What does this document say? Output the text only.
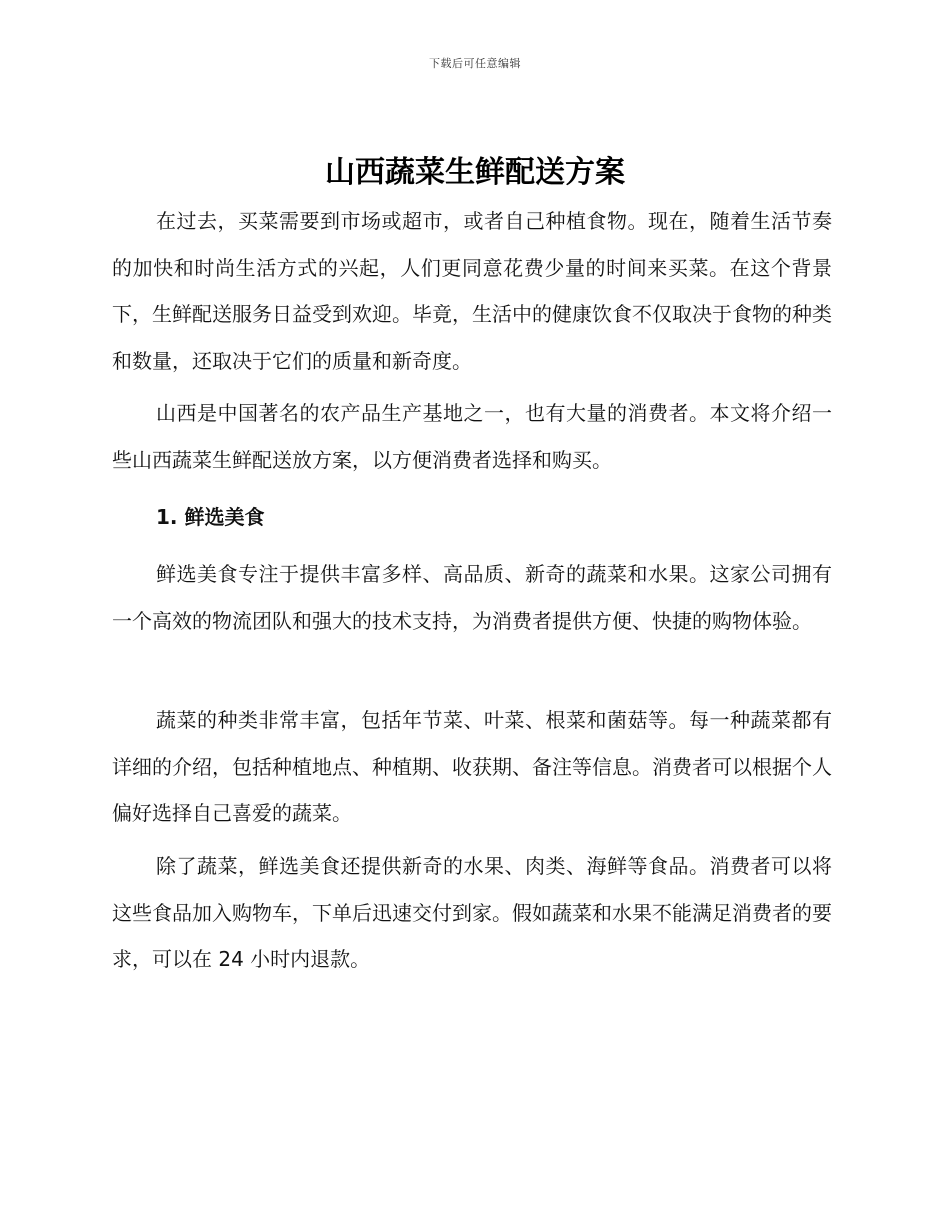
下载后可任意编辑
山西蔬菜生鲜配送方案

在过去，买菜需要到市场或超市，或者自己种植食物。现在，随着生活节奏的加快和时尚生活方式的兴起，人们更同意花费少量的时间来买菜。在这个背景下，生鲜配送服务日益受到欢迎。毕竟，生活中的健康饮食不仅取决于食物的种类和数量，还取决于它们的质量和新奇度。

山西是中国著名的农产品生产基地之一，也有大量的消费者。本文将介绍一些山西蔬菜生鲜配送放方案，以方便消费者选择和购买。

1. 鲜选美食

鲜选美食专注于提供丰富多样、高品质、新奇的蔬菜和水果。这家公司拥有一个高效的物流团队和强大的技术支持，为消费者提供方便、快捷的购物体验。

蔬菜的种类非常丰富，包括年节菜、叶菜、根菜和菌菇等。每一种蔬菜都有详细的介绍，包括种植地点、种植期、收获期、备注等信息。消费者可以根据个人偏好选择自己喜爱的蔬菜。

除了蔬菜，鲜选美食还提供新奇的水果、肉类、海鲜等食品。消费者可以将这些食品加入购物车，下单后迅速交付到家。假如蔬菜和水果不能满足消费者的要求，可以在 24 小时内退款。
